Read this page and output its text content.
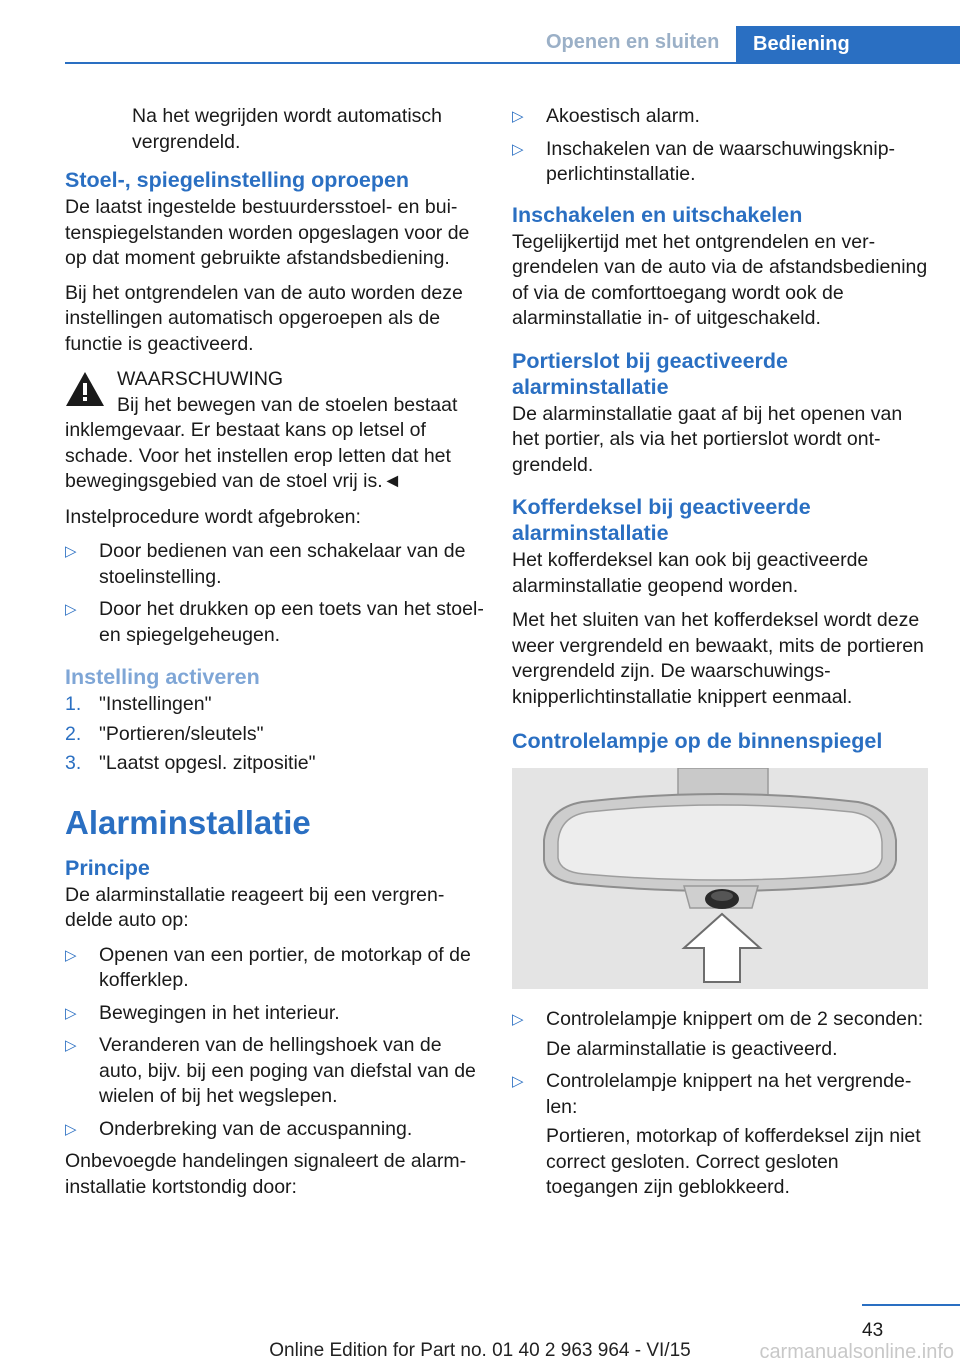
Openen en sluiten	Bediening

Na het wegrijden wordt automatisch vergrendeld.

Stoel-, spiegelinstelling oproepen

De laatst ingestelde bestuurdersstoel- en buitenspiegelstanden worden opgeslagen voor de op dat moment gebruikte afstandsbediening.

Bij het ontgrendelen van de auto worden deze instellingen automatisch opgeroepen als de functie is geactiveerd.

WAARSCHUWING
Bij het bewegen van de stoelen bestaat inklemgevaar. Er bestaat kans op letsel of schade. Voor het instellen erop letten dat het bewegingsgebied van de stoel vrij is.◄

Instelprocedure wordt afgebroken:

▷ Door bedienen van een schakelaar van de stoelinstelling.
▷ Door het drukken op een toets van het stoel- en spiegelgeheugen.
Instelling activeren
1. "Instellingen"
2. "Portieren/sleutels"
3. "Laatst opgesl. zitpositie"
Alarminstallatie
Principe

De alarminstallatie reageert bij een vergrendelde auto op:

▷ Openen van een portier, de motorkap of de kofferklep.
▷ Bewegingen in het interieur.
▷ Veranderen van de hellingshoek van de auto, bijv. bij een poging van diefstal van de wielen of bij het wegslepen.
▷ Onderbreking van de accuspanning.

Onbevoegde handelingen signaleert de alarminstallatie kortstondig door:

▷ Akoestisch alarm.
▷ Inschakelen van de waarschuwingsknipperlichtinstallatie.
Inschakelen en uitschakelen

Tegelijkertijd met het ontgrendelen en vergrendelen van de auto via de afstandsbediening of via de comforttoegang wordt ook de alarminstallatie in- of uitgeschakeld.

Portierslot bij geactiveerde alarminstallatie

De alarminstallatie gaat af bij het openen van het portier, als via het portierslot wordt ontgrendeld.

Kofferdeksel bij geactiveerde alarminstallatie

Het kofferdeksel kan ook bij geactiveerde alarminstallatie geopend worden.

Met het sluiten van het kofferdeksel wordt deze weer vergrendeld en bewaakt, mits de portieren vergrendeld zijn. De waarschuwingsknipperlichtinstallatie knippert eenmaal.

Controlelampje op de binnenspiegel
▷ Controlelampje knippert om de 2 seconden:
De alarminstallatie is geactiveerd.
▷ Controlelampje knippert na het vergrendelen:
Portieren, motorkap of kofferdeksel zijn niet correct gesloten. Correct gesloten toegangen zijn geblokkeerd.
43
Online Edition for Part no. 01 40 2 963 964 - VI/15	carmanualsonline.info
